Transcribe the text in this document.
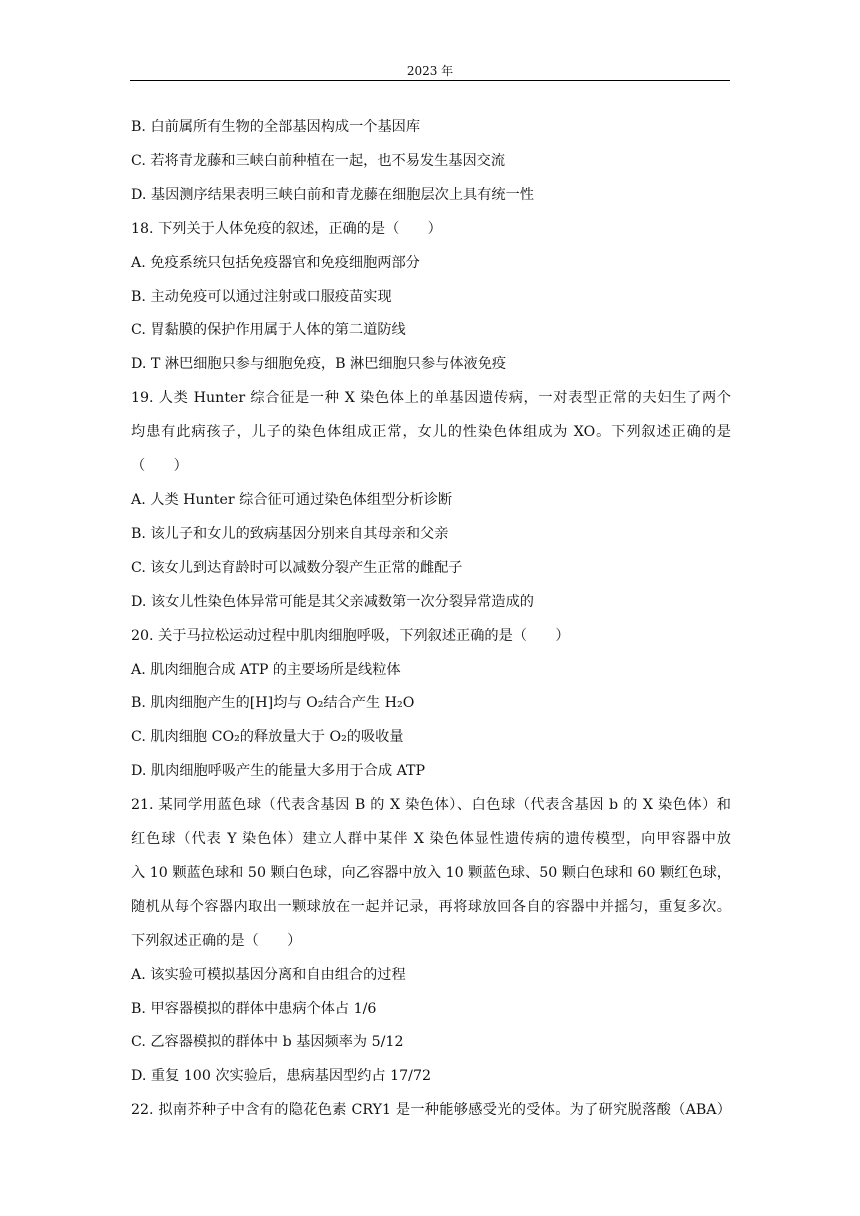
2023 年
B. 白前属所有生物的全部基因构成一个基因库
C. 若将青龙藤和三峡白前种植在一起，也不易发生基因交流
D. 基因测序结果表明三峡白前和青龙藤在细胞层次上具有统一性
18. 下列关于人体免疫的叙述，正确的是（　　）
A. 免疫系统只包括免疫器官和免疫细胞两部分
B. 主动免疫可以通过注射或口服疫苗实现
C. 胃黏膜的保护作用属于人体的第二道防线
D. T 淋巴细胞只参与细胞免疫，B 淋巴细胞只参与体液免疫
19. 人类 Hunter 综合征是一种 X 染色体上的单基因遗传病，一对表型正常的夫妇生了两个
均患有此病孩子，儿子的染色体组成正常，女儿的性染色体组成为 XO。下列叙述正确的是
（　　）
A. 人类 Hunter 综合征可通过染色体组型分析诊断
B. 该儿子和女儿的致病基因分别来自其母亲和父亲
C. 该女儿到达育龄时可以减数分裂产生正常的雌配子
D. 该女儿性染色体异常可能是其父亲减数第一次分裂异常造成的
20. 关于马拉松运动过程中肌肉细胞呼吸，下列叙述正确的是（　　）
A. 肌肉细胞合成 ATP 的主要场所是线粒体
B. 肌肉细胞产生的[H]均与 O₂结合产生 H₂O
C. 肌肉细胞 CO₂的释放量大于 O₂的吸收量
D. 肌肉细胞呼吸产生的能量大多用于合成 ATP
21. 某同学用蓝色球（代表含基因 B 的 X 染色体）、白色球（代表含基因 b 的 X 染色体）和
红色球（代表 Y 染色体）建立人群中某伴 X 染色体显性遗传病的遗传模型，向甲容器中放
入 10 颗蓝色球和 50 颗白色球，向乙容器中放入 10 颗蓝色球、50 颗白色球和 60 颗红色球，
随机从每个容器内取出一颗球放在一起并记录，再将球放回各自的容器中并摇匀，重复多次。
下列叙述正确的是（　　）
A. 该实验可模拟基因分离和自由组合的过程
B. 甲容器模拟的群体中患病个体占 1/6
C. 乙容器模拟的群体中 b 基因频率为 5/12
D. 重复 100 次实验后，患病基因型约占 17/72
22. 拟南芥种子中含有的隐花色素 CRY1 是一种能够感受光的受体。为了研究脱落酸（ABA）
